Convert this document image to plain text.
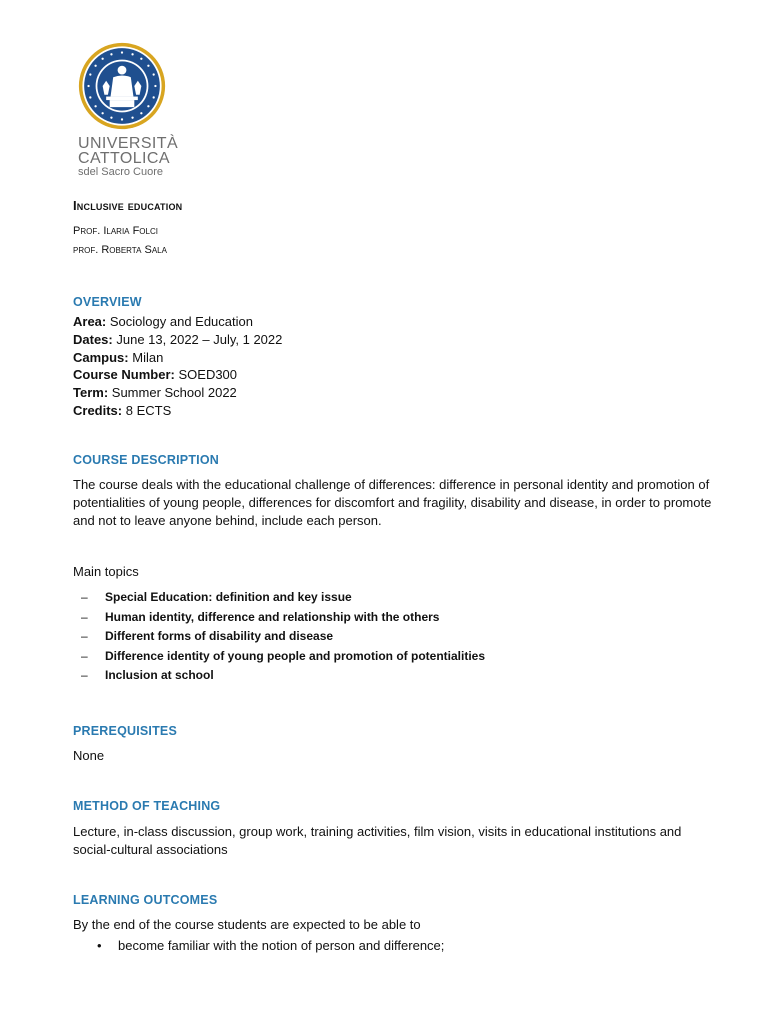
UNIVERSITÀ
CATTOLICA
sdel Sacro Cuore
Inclusive education
Prof. Ilaria Folci
prof. Roberta Sala
OVERVIEW
Area: Sociology and Education
Dates: June 13, 2022 – July, 1 2022
Campus: Milan
Course Number: SOED300
Term: Summer School 2022
Credits: 8 ECTS
COURSE DESCRIPTION
The course deals with the educational challenge of differences: difference in personal identity and promotion of potentialities of young people, differences for discomfort and fragility, disability and disease, in order to promote and not to leave anyone behind, include each person.
Main topics
– Special Education: definition and key issue
– Human identity, difference and relationship with the others
– Different forms of disability and disease
– Difference identity of young people and promotion of potentialities
– Inclusion at school
PREREQUISITES
None
METHOD OF TEACHING
Lecture, in-class discussion, group work, training activities, film vision, visits in educational institutions and social-cultural associations
LEARNING OUTCOMES
By the end of the course students are expected to be able to
• become familiar with the notion of person and difference;
